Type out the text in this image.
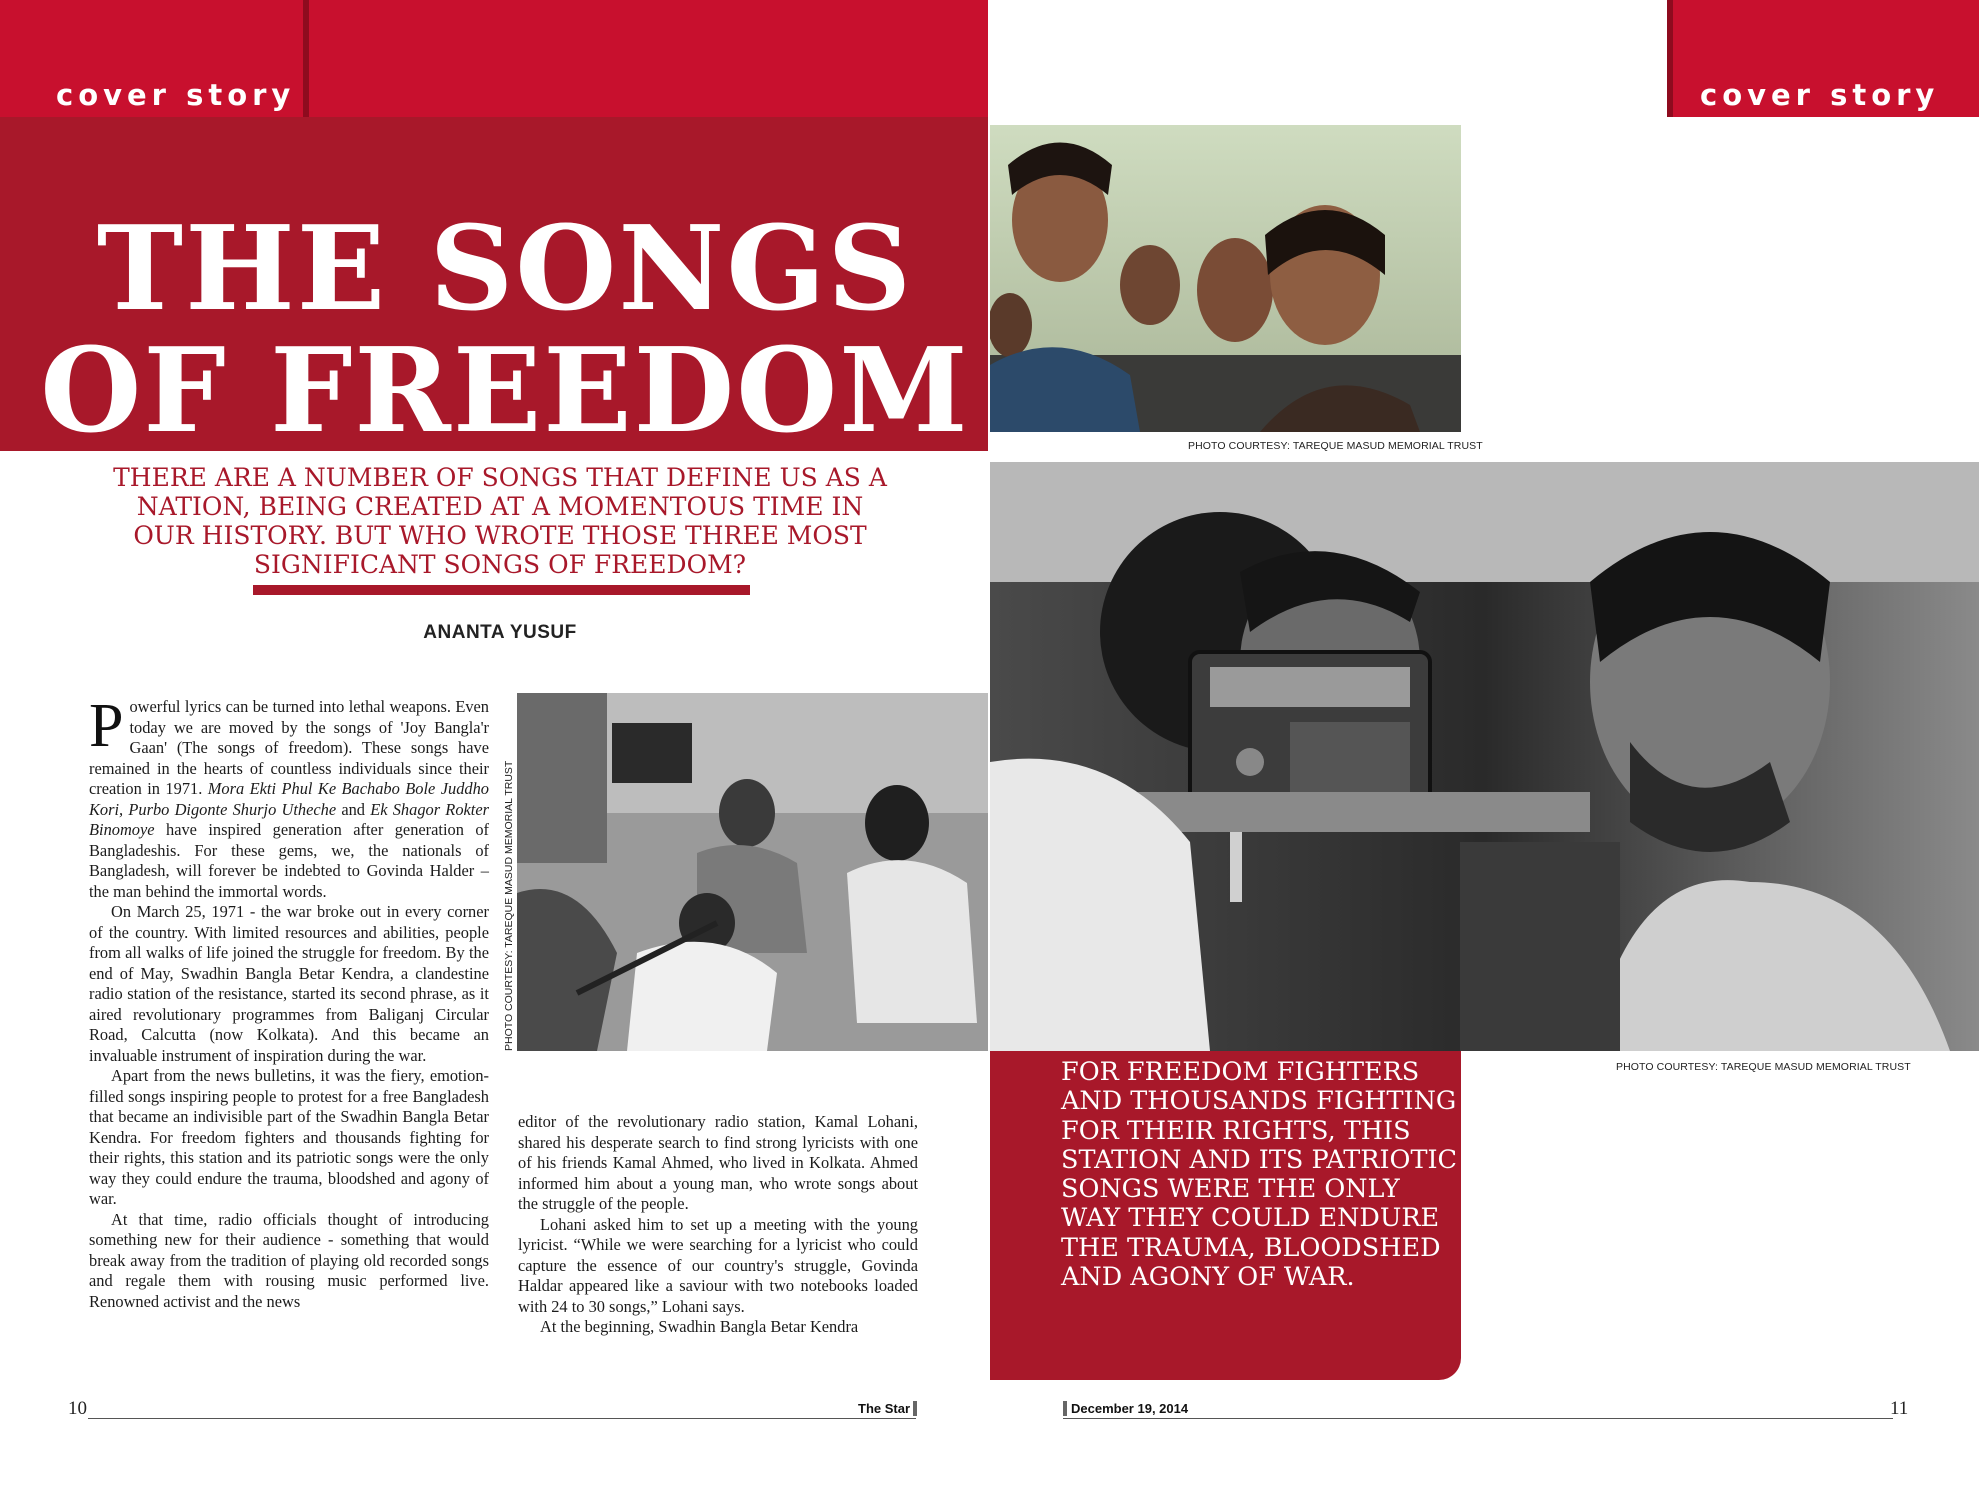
cover story	cover story
THE SONGS
OF FREEDOM
THERE ARE A NUMBER OF SONGS THAT DEFINE US AS A NATION, BEING CREATED AT A MOMENTOUS TIME IN OUR HISTORY. BUT WHO WROTE THOSE THREE MOST SIGNIFICANT SONGS OF FREEDOM?
ANANTA YUSUF

Powerful lyrics can be turned into lethal weapons. Even today we are moved by the songs of 'Joy Bangla'r Gaan' (The songs of freedom). These songs have remained in the hearts of countless individuals since their creation in 1971. Mora Ekti Phul Ke Bachabo Bole Juddho Kori, Purbo Digonte Shurjo Utheche and Ek Shagor Rokter Binomoye have inspired generation after generation of Bangladeshis. For these gems, we, the nationals of Bangladesh, will forever be indebted to Govinda Halder – the man behind the immortal words.

On March 25, 1971 - the war broke out in every corner of the country. With limited resources and abilities, people from all walks of life joined the struggle for freedom. By the end of May, Swadhin Bangla Betar Kendra, a clandestine radio station of the resistance, started its second phrase, as it aired revolutionary programmes from Baliganj Circular Road, Calcutta (now Kolkata). And this became an invaluable instrument of inspiration during the war.

Apart from the news bulletins, it was the fiery, emotion-filled songs inspiring people to protest for a free Bangladesh that became an indivisible part of the Swadhin Bangla Betar Kendra. For freedom fighters and thousands fighting for their rights, this station and its patriotic songs were the only way they could endure the trauma, bloodshed and agony of war.

At that time, radio officials thought of introducing something new for their audience - something that would break away from the tradition of playing old recorded songs and regale them with rousing music performed live. Renowned activist and the news

editor of the revolutionary radio station, Kamal Lohani, shared his desperate search to find strong lyricists with one of his friends Kamal Ahmed, who lived in Kolkata. Ahmed informed him about a young man, who wrote songs about the struggle of the people.

Lohani asked him to set up a meeting with the young lyricist. “While we were searching for a lyricist who could capture the essence of our country's struggle, Govinda Haldar appeared like a saviour with two notebooks loaded with 24 to 30 songs,” Lohani says.

At the beginning, Swadhin Bangla Betar Kendra

PHOTO COURTESY: TAREQUE MASUD MEMORIAL TRUST
PHOTO COURTESY: TAREQUE MASUD MEMORIAL TRUST
PHOTO COURTESY: TAREQUE MASUD MEMORIAL TRUST
FOR FREEDOM FIGHTERS AND THOUSANDS FIGHTING FOR THEIR RIGHTS, THIS STATION AND ITS PATRIOTIC SONGS WERE THE ONLY WAY THEY COULD ENDURE THE TRAUMA, BLOODSHED AND AGONY OF WAR.
10	11
The Star	December 19, 2014
